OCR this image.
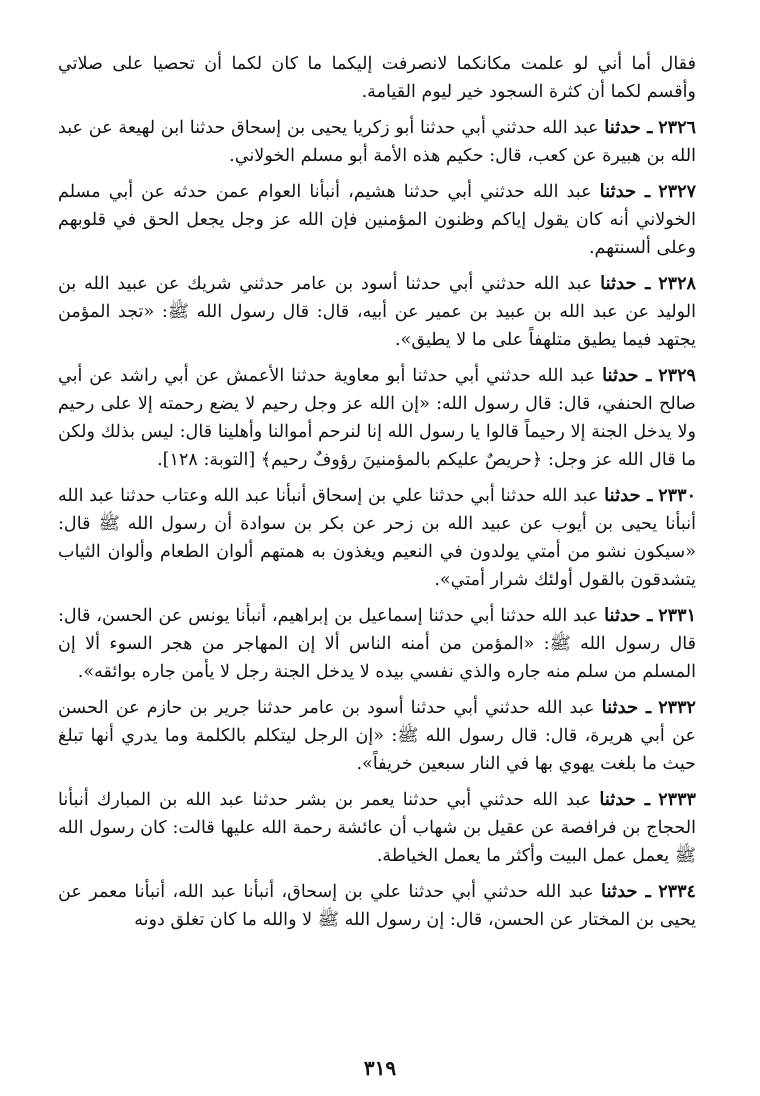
فقال أما أني لو علمت مكانكما لانصرفت إليكما ما كان لكما أن تحصيا على صلاتي وأقسم لكما أن كثرة السجود خير ليوم القيامة.

٢٣٢٦ ـ حدثنا عبد الله حدثني أبي حدثنا أبو زكريا يحيى بن إسحاق حدثنا ابن لهيعة عن عبد الله بن هبيرة عن كعب، قال: حكيم هذه الأمة أبو مسلم الخولاني.

٢٣٢٧ ـ حدثنا عبد الله حدثني أبي حدثنا هشيم، أنبأنا العوام عمن حدثه عن أبي مسلم الخولاني أنه كان يقول إياكم وظنون المؤمنين فإن الله عز وجل يجعل الحق في قلوبهم وعلى ألسنتهم.

٢٣٢٨ ـ حدثنا عبد الله حدثني أبي حدثنا أسود بن عامر حدثني شريك عن عبيد الله بن الوليد عن عبد الله بن عبيد بن عمير عن أبيه، قال: قال رسول الله ﷺ: «تجد المؤمن يجتهد فيما يطيق متلهفاً على ما لا يطيق».

٢٣٢٩ ـ حدثنا عبد الله حدثني أبي حدثنا أبو معاوية حدثنا الأعمش عن أبي راشد عن أبي صالح الحنفي، قال: قال رسول الله: «إن الله عز وجل رحيم لا يضع رحمته إلا على رحيم ولا يدخل الجنة إلا رحيماً قالوا يا رسول الله إنا لنرحم أموالنا وأهلينا قال: ليس بذلك ولكن ما قال الله عز وجل: ﴿حريصٌ عليكم بالمؤمنينَ رؤوفٌ رحيم﴾ [التوبة: ١٢٨].

٢٣٣٠ ـ حدثنا عبد الله حدثنا أبي حدثنا علي بن إسحاق أنبأنا عبد الله وعتاب حدثنا عبد الله أنبأنا يحيى بن أيوب عن عبيد الله بن زحر عن بكر بن سوادة أن رسول الله ﷺ قال: «سيكون نشو من أمتي يولدون في النعيم ويغذون به همتهم ألوان الطعام وألوان الثياب يتشدقون بالقول أولئك شرار أمتي».

٢٣٣١ ـ حدثنا عبد الله حدثنا أبي حدثنا إسماعيل بن إبراهيم، أنبأنا يونس عن الحسن، قال: قال رسول الله ﷺ: «المؤمن من أمنه الناس ألا إن المهاجر من هجر السوء ألا إن المسلم من سلم منه جاره والذي نفسي بيده لا يدخل الجنة رجل لا يأمن جاره بوائقه».

٢٣٣٢ ـ حدثنا عبد الله حدثني أبي حدثنا أسود بن عامر حدثنا جرير بن حازم عن الحسن عن أبي هريرة، قال: قال رسول الله ﷺ: «إن الرجل ليتكلم بالكلمة وما يدري أنها تبلغ حيث ما بلغت يهوي بها في النار سبعين خريفاً».

٢٣٣٣ ـ حدثنا عبد الله حدثني أبي حدثنا يعمر بن بشر حدثنا عبد الله بن المبارك أنبأنا الحجاج بن فرافصة عن عقيل بن شهاب أن عائشة رحمة الله عليها قالت: كان رسول الله ﷺ يعمل عمل البيت وأكثر ما يعمل الخياطة.

٢٣٣٤ ـ حدثنا عبد الله حدثني أبي حدثنا علي بن إسحاق، أنبأنا عبد الله، أنبأنا معمر عن يحيى بن المختار عن الحسن، قال: إن رسول الله ﷺ لا والله ما كان تغلق دونه

٣١٩
